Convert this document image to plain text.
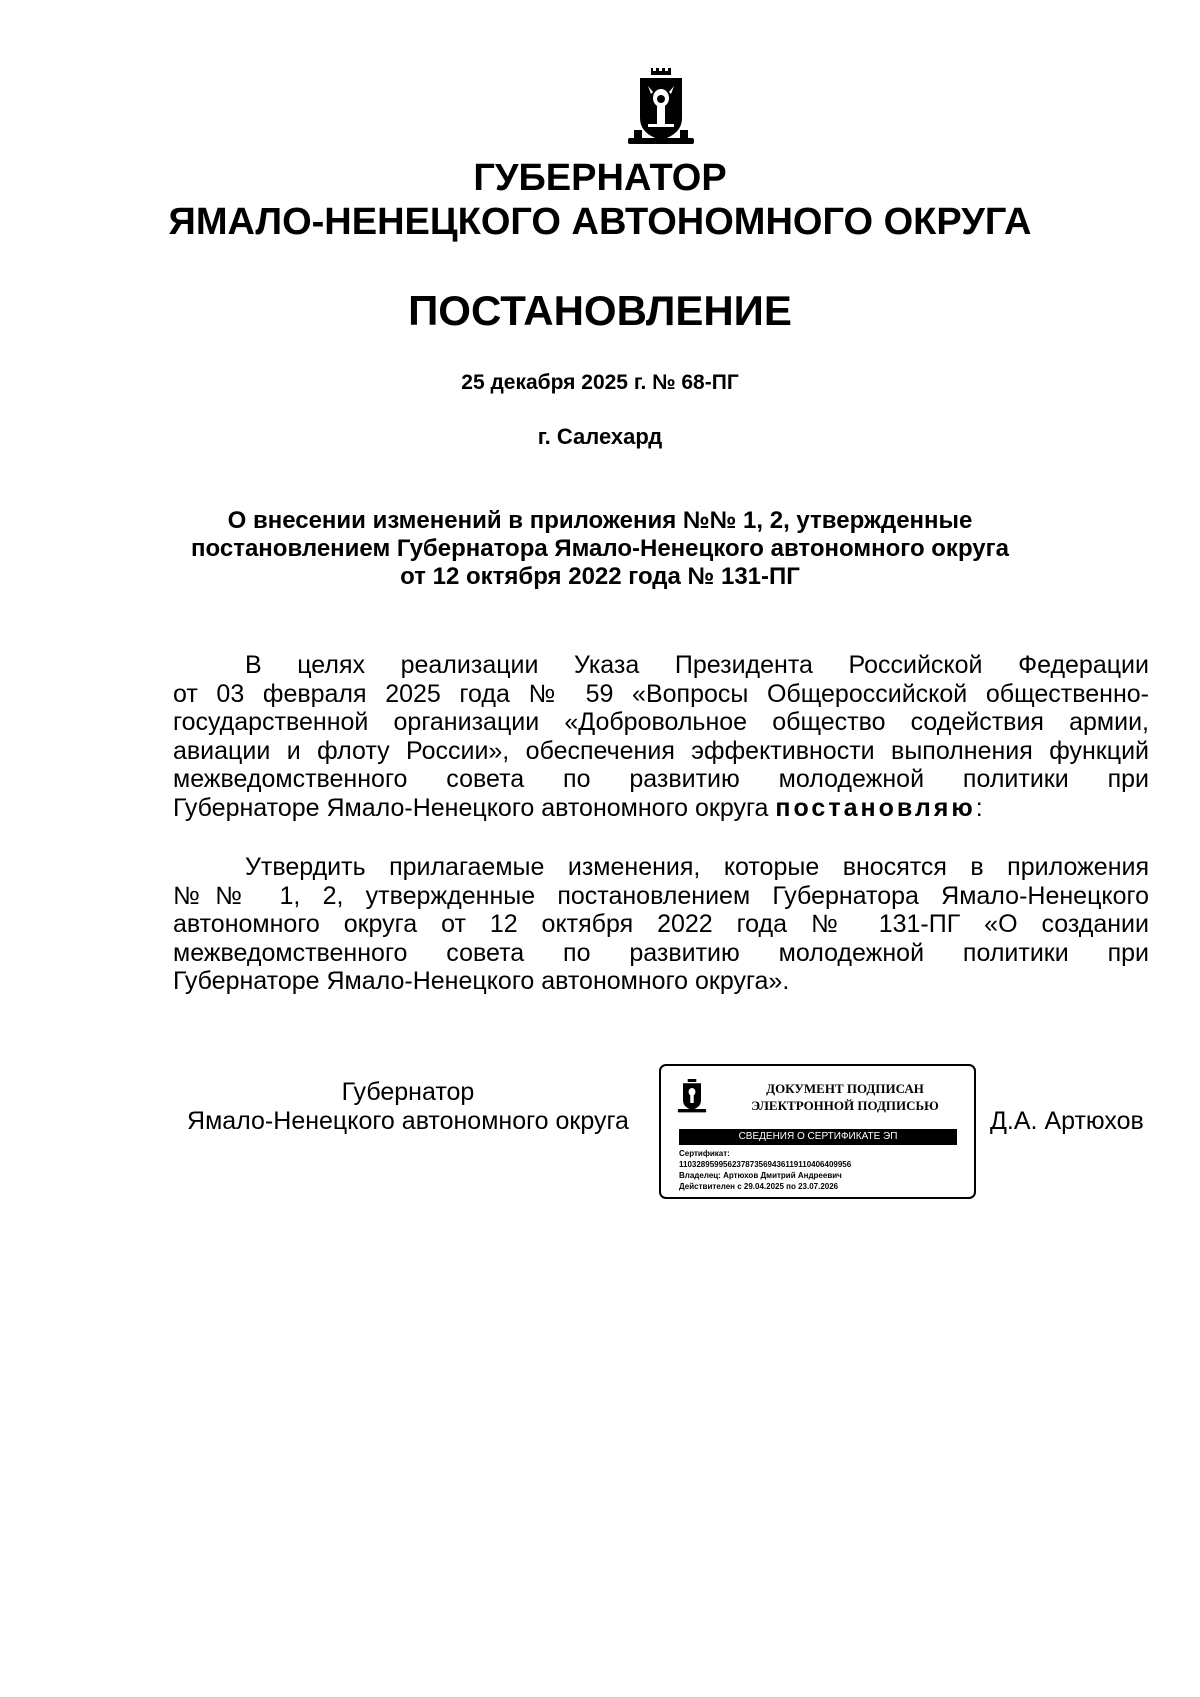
ГУБЕРНАТОР
ЯМАЛО-НЕНЕЦКОГО АВТОНОМНОГО ОКРУГА
ПОСТАНОВЛЕНИЕ
25 декабря 2025 г. № 68-ПГ
г. Салехард
О внесении изменений в приложения №№ 1, 2, утвержденные
постановлением Губернатора Ямало-Ненецкого автономного округа
от 12 октября 2022 года № 131-ПГ
В целях реализации Указа Президента Российской Федерации
от 03 февраля 2025 года № 59 «Вопросы Общероссийской общественно-
государственной организации «Добровольное общество содействия армии,
авиации и флоту России», обеспечения эффективности выполнения функций
межведомственного совета по развитию молодежной политики при
Губернаторе Ямало-Ненецкого автономного округа постановляю:
Утвердить прилагаемые изменения, которые вносятся в приложения
№№ 1, 2, утвержденные постановлением Губернатора Ямало-Ненецкого
автономного округа от 12 октября 2022 года № 131-ПГ «О создании
межведомственного совета по развитию молодежной политики при
Губернаторе Ямало-Ненецкого автономного округа».
Губернатор
Ямало-Ненецкого автономного округа
ДОКУМЕНТ ПОДПИСАН
ЭЛЕКТРОННОЙ ПОДПИСЬЮ
СВЕДЕНИЯ О СЕРТИФИКАТЕ ЭП
Сертификат:
110328959956237873569436119110406409956
Владелец: Артюхов Дмитрий Андреевич
Действителен с 29.04.2025 по 23.07.2026
Д.А. Артюхов
